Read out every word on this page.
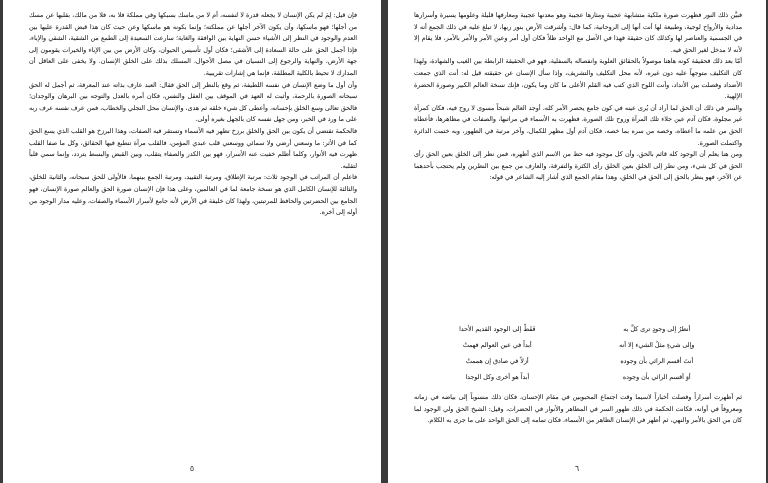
فإن قيل: لِمَ لم يكن الإنسان لا يجعله قدرة لا لنفسه، أم لا من ماسك بسبكها وفي مملكة فلا به، فلا من مالك، بقلبها عن مسك من أجلها؛ فهو ماسكها، وأن يكون الآخر أجلها عن مملكته؛ وإنما بكونه هو ماسكها وعن حيث كان هذا قبض القدرة عليها بين العدم والوجود في النظر إلى الأشياء حسن النهاية بين الوافقة والغاية؛ سارعت السعيدة إلى الطمع من الشقية، الشقي والإباء، فإذا أجمل الحق على حالة السعادة إلى الأشقى؛ فكان أول تأسيس الحيوان، وكان الأرض من بين الإباء والخيرات يقومون إلى جهة الأرض، والنهاية والرجوع إلى النسيان في مصل الأحوال، المسلك بذلك على الخلق الإنسان. ولا يخفى على العاقل أن المدارك لا تحيط بالكلية المطلقة، فإنما هي إشارات تقريبية.

وأن أول ما وضع الإنسان في نفسه اللطيفة، ثم وقع بالنظر إلى الحق فقال: العبد عارف بذاته عند المعرفة، ثم أجمل له الحق سبحانه الصورة بالرحمة، وأثبت له العهد في الموقف بين العقل والنفس، فكان أمره بالعدل والتوجه بين البرهان والوجدان؛ فالحق تعالى وسع الخلق بإحسانه، وأعطى كل شيء خلقه ثم هدى، والإنسان محل التجلي والخطاب، فمن عرف نفسه عرف ربه على ما ورد في الخبر، ومن جهل نفسه كان بالجهل بغيره أولى.

فالحكمة تقتضي أن يكون بين الحق والخلق برزخ تظهر فيه الأسماء وتستقر فيه الصفات، وهذا البرزخ هو القلب الذي يسع الحق كما في الأثر: ما وسعني أرضي ولا سمائي ووسعني قلب عبدي المؤمن، فالقلب مرآة تنطبع فيها الحقائق، وكل ما صفا القلب ظهرت فيه الأنوار، وكلما أظلم خفيت عنه الأسرار، فهو بين الكدر والصفاء يتقلب، وبين القبض والبسط يتردد، وإنما سمي قلباً لتقلبه.

فاعلم أن المراتب في الوجود ثلاث: مرتبة الإطلاق، ومرتبة التقييد، ومرتبة الجمع بينهما، فالأولى للحق سبحانه، والثانية للخلق، والثالثة للإنسان الكامل الذي هو نسخة جامعة لما في العالمين، وعلى هذا فإن الإنسان صورة الحق والعالم صورة الإنسان، فهو الجامع بين الحضرتين والحافظ للمرتبتين، ولهذا كان خليفة في الأرض لأنه جامع لأسرار الأسماء والصفات، وعليه مدار الوجود من أوله إلى آخره.

٥

فبيَّن ذلك النور فظهرت صورة ملكية متشابهة عجيبة ومثارها عجيبة وهو معدنها عجيبة ومعارفها قليلة وعلومها يسيرة وأسرارها مدادية والأرواح لوجية، وطبيعة لها أنت أنها إلى الروحانية، كما قال: وأشرقت الأرض بنور ربها، لا تبلغ عليه في ذلك الجمع أنه لا في الجسمية والعناصر لها وكذلك كان حقيقة فهذا في الأصل مع الواحد ظلاً فكان أول أمر وعين الأمر والأمر بالأمر، فلا يقام إلا لأنه لا مدخل لغير الحق فيه.

أمّا بعد ذلك فحقيقة كونه هاهنا موصولاً بالحقائق العلوية وانفصاله بالسفلية، فهو في الحقيقة الرابطة بين الغيب والشهادة، ولهذا كان التكليف متوجهاً عليه دون غيره، لأنه محل التكليف والتشريف، وإذا سأل الإنسان عن حقيقته قيل له: أنت الذي جمعت الأضداد وفصلت بين الأنداد، وأنت اللوح الذي كتب فيه القلم الأعلى ما كان وما يكون، فإنك نسخة العالم الكبير وصورة الحضرة الإلهية.

والسر في ذلك أن الحق لما أراد أن يُرى عينه في كون جامع يحصر الأمر كله، أوجد العالم شبحاً مسوى لا روح فيه، فكان كمرآة غير مجلوة، فكان آدم عين جلاء تلك المرآة وروح تلك الصورة، فظهرت به الأسماء في مراتبها، والصفات في مظاهرها، فأعطاه الحق من علمه ما أعطاه، وخصه من سره بما خصه، فكان آدم أول مظهر للكمال، وآخر مرتبة في الظهور، وبه ختمت الدائرة واكتملت الصورة.

ومن هنا يعلم أن الوجود كله قائم بالحق، وأن كل موجود فيه حظ من الاسم الذي أظهره، فمن نظر إلى الخلق بعين الحق رأى الحق في كل شيء، ومن نظر إلى الخلق بعين الخلق رأى الكثرة والتفرقة، والعارف من جمع بين النظرين ولم يحتجب بأحدهما عن الآخر، فهو ينظر بالحق إلى الحق في الخلق، وهذا مقام الجمع الذي أشار إليه الشاعر في قوله:

أنظرُ إلى وجودٍ ترى كلَّ به
فَقَطْ إلى الوجود القديم الأحدا
وإلى شيءٍ مثلُ الشيء إلا أنه
أبداً في عين العوالم فهمتُ
أنتَ أقسم الرائي بأن وجوده
أزلاً في صادق إن هممتُ
أوَ أقسم الرائي بأن وجوده
أبداً هو أخرى وكل الوجدا
ثم أظهرت أسراراً وفصلت أخباراً لاسيما وقت اجتماع المحبوبين في مقام الإحسان، فكان ذلك منسوباً إلى بياضه في زمانه ومعروفاً في أوانه، فكانت الحكمة في ذلك ظهور السر في المظاهر والأنوار في الحضرات، وقيل: الشيخ الحق ولي الوجود لما كان من الحق بالأمر والنهي، ثم أظهر في الإنسان الظاهر من الأسماء، فكان تمامه إلى الحق الواحد على ما جرى به الكلام.
٦
